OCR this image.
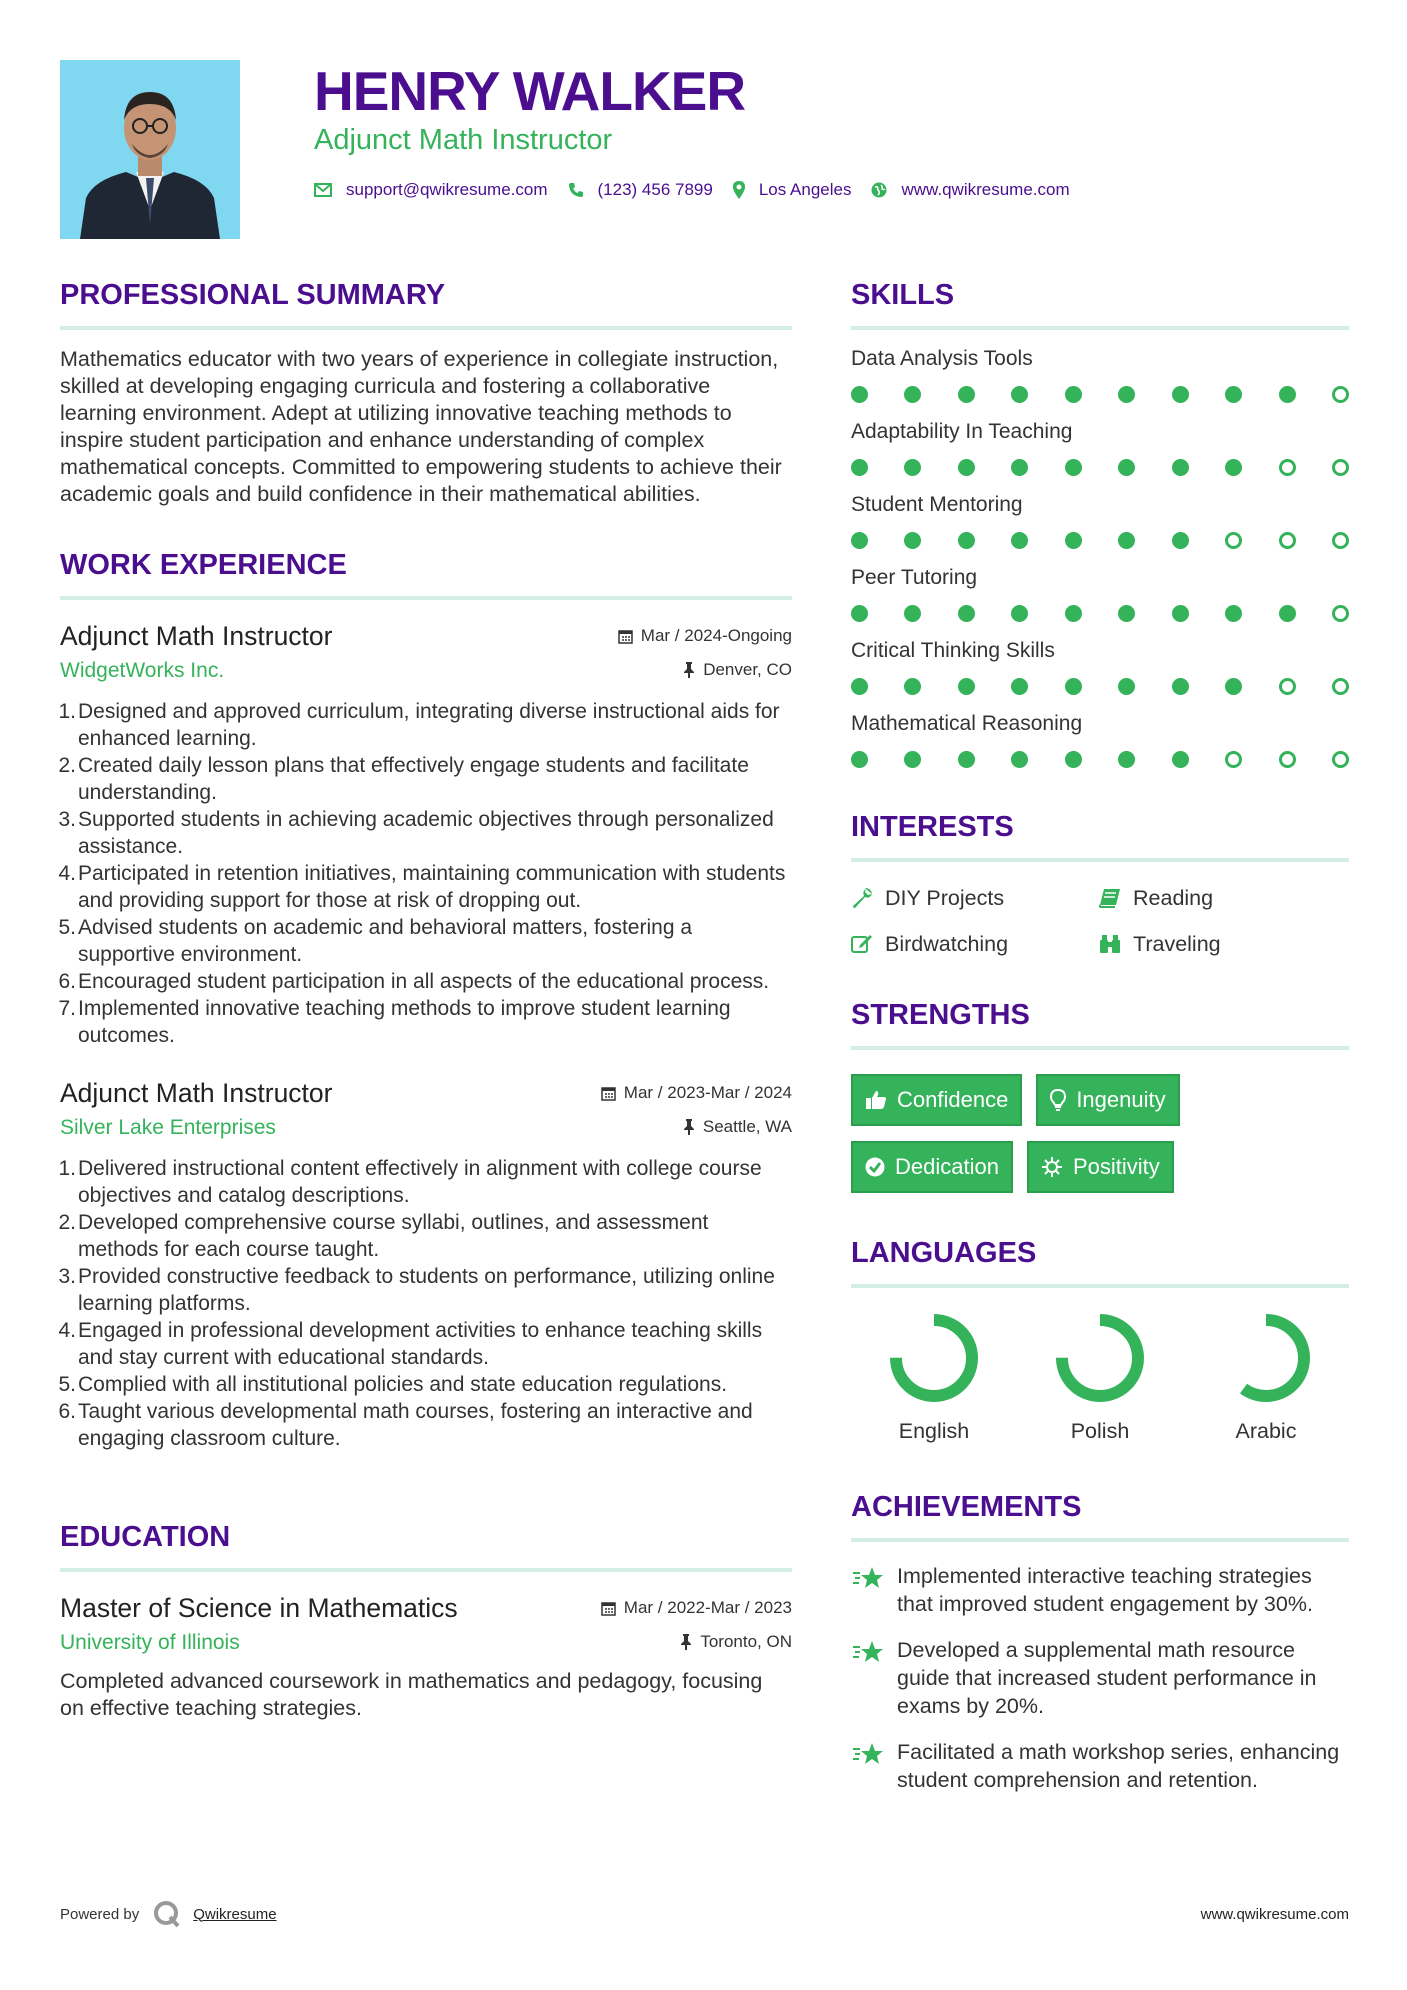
HENRY WALKER
Adjunct Math Instructor
support@qwikresume.com	(123) 456 7899	Los Angeles	www.qwikresume.com
PROFESSIONAL SUMMARY

Mathematics educator with two years of experience in collegiate instruction, skilled at developing engaging curricula and fostering a collaborative learning environment. Adept at utilizing innovative teaching methods to inspire student participation and enhance understanding of complex mathematical concepts. Committed to empowering students to achieve their academic goals and build confidence in their mathematical abilities.

WORK EXPERIENCE
Adjunct Math Instructor
WidgetWorks Inc.
Mar / 2024-Ongoing
Denver, CO
1. Designed and approved curriculum, integrating diverse instructional aids for enhanced learning.
2. Created daily lesson plans that effectively engage students and facilitate understanding.
3. Supported students in achieving academic objectives through personalized assistance.
4. Participated in retention initiatives, maintaining communication with students and providing support for those at risk of dropping out.
5. Advised students on academic and behavioral matters, fostering a supportive environment.
6. Encouraged student participation in all aspects of the educational process.
7. Implemented innovative teaching methods to improve student learning outcomes.
Adjunct Math Instructor
Silver Lake Enterprises
Mar / 2023-Mar / 2024
Seattle, WA
1. Delivered instructional content effectively in alignment with college course objectives and catalog descriptions.
2. Developed comprehensive course syllabi, outlines, and assessment methods for each course taught.
3. Provided constructive feedback to students on performance, utilizing online learning platforms.
4. Engaged in professional development activities to enhance teaching skills and stay current with educational standards.
5. Complied with all institutional policies and state education regulations.
6. Taught various developmental math courses, fostering an interactive and engaging classroom culture.
EDUCATION
Master of Science in Mathematics
University of Illinois
Mar / 2022-Mar / 2023
Toronto, ON

Completed advanced coursework in mathematics and pedagogy, focusing on effective teaching strategies.

SKILLS
Data Analysis Tools
Adaptability In Teaching
Student Mentoring
Peer Tutoring
Critical Thinking Skills
Mathematical Reasoning
INTERESTS
DIY Projects	Reading
Birdwatching	Traveling
STRENGTHS
Confidence	Ingenuity
Dedication	Positivity
LANGUAGES
English	Polish	Arabic
ACHIEVEMENTS
Implemented interactive teaching strategies that improved student engagement by 30%.
Developed a supplemental math resource guide that increased student performance in exams by 20%.
Facilitated a math workshop series, enhancing student comprehension and retention.
Powered by	Qwikresume	www.qwikresume.com
